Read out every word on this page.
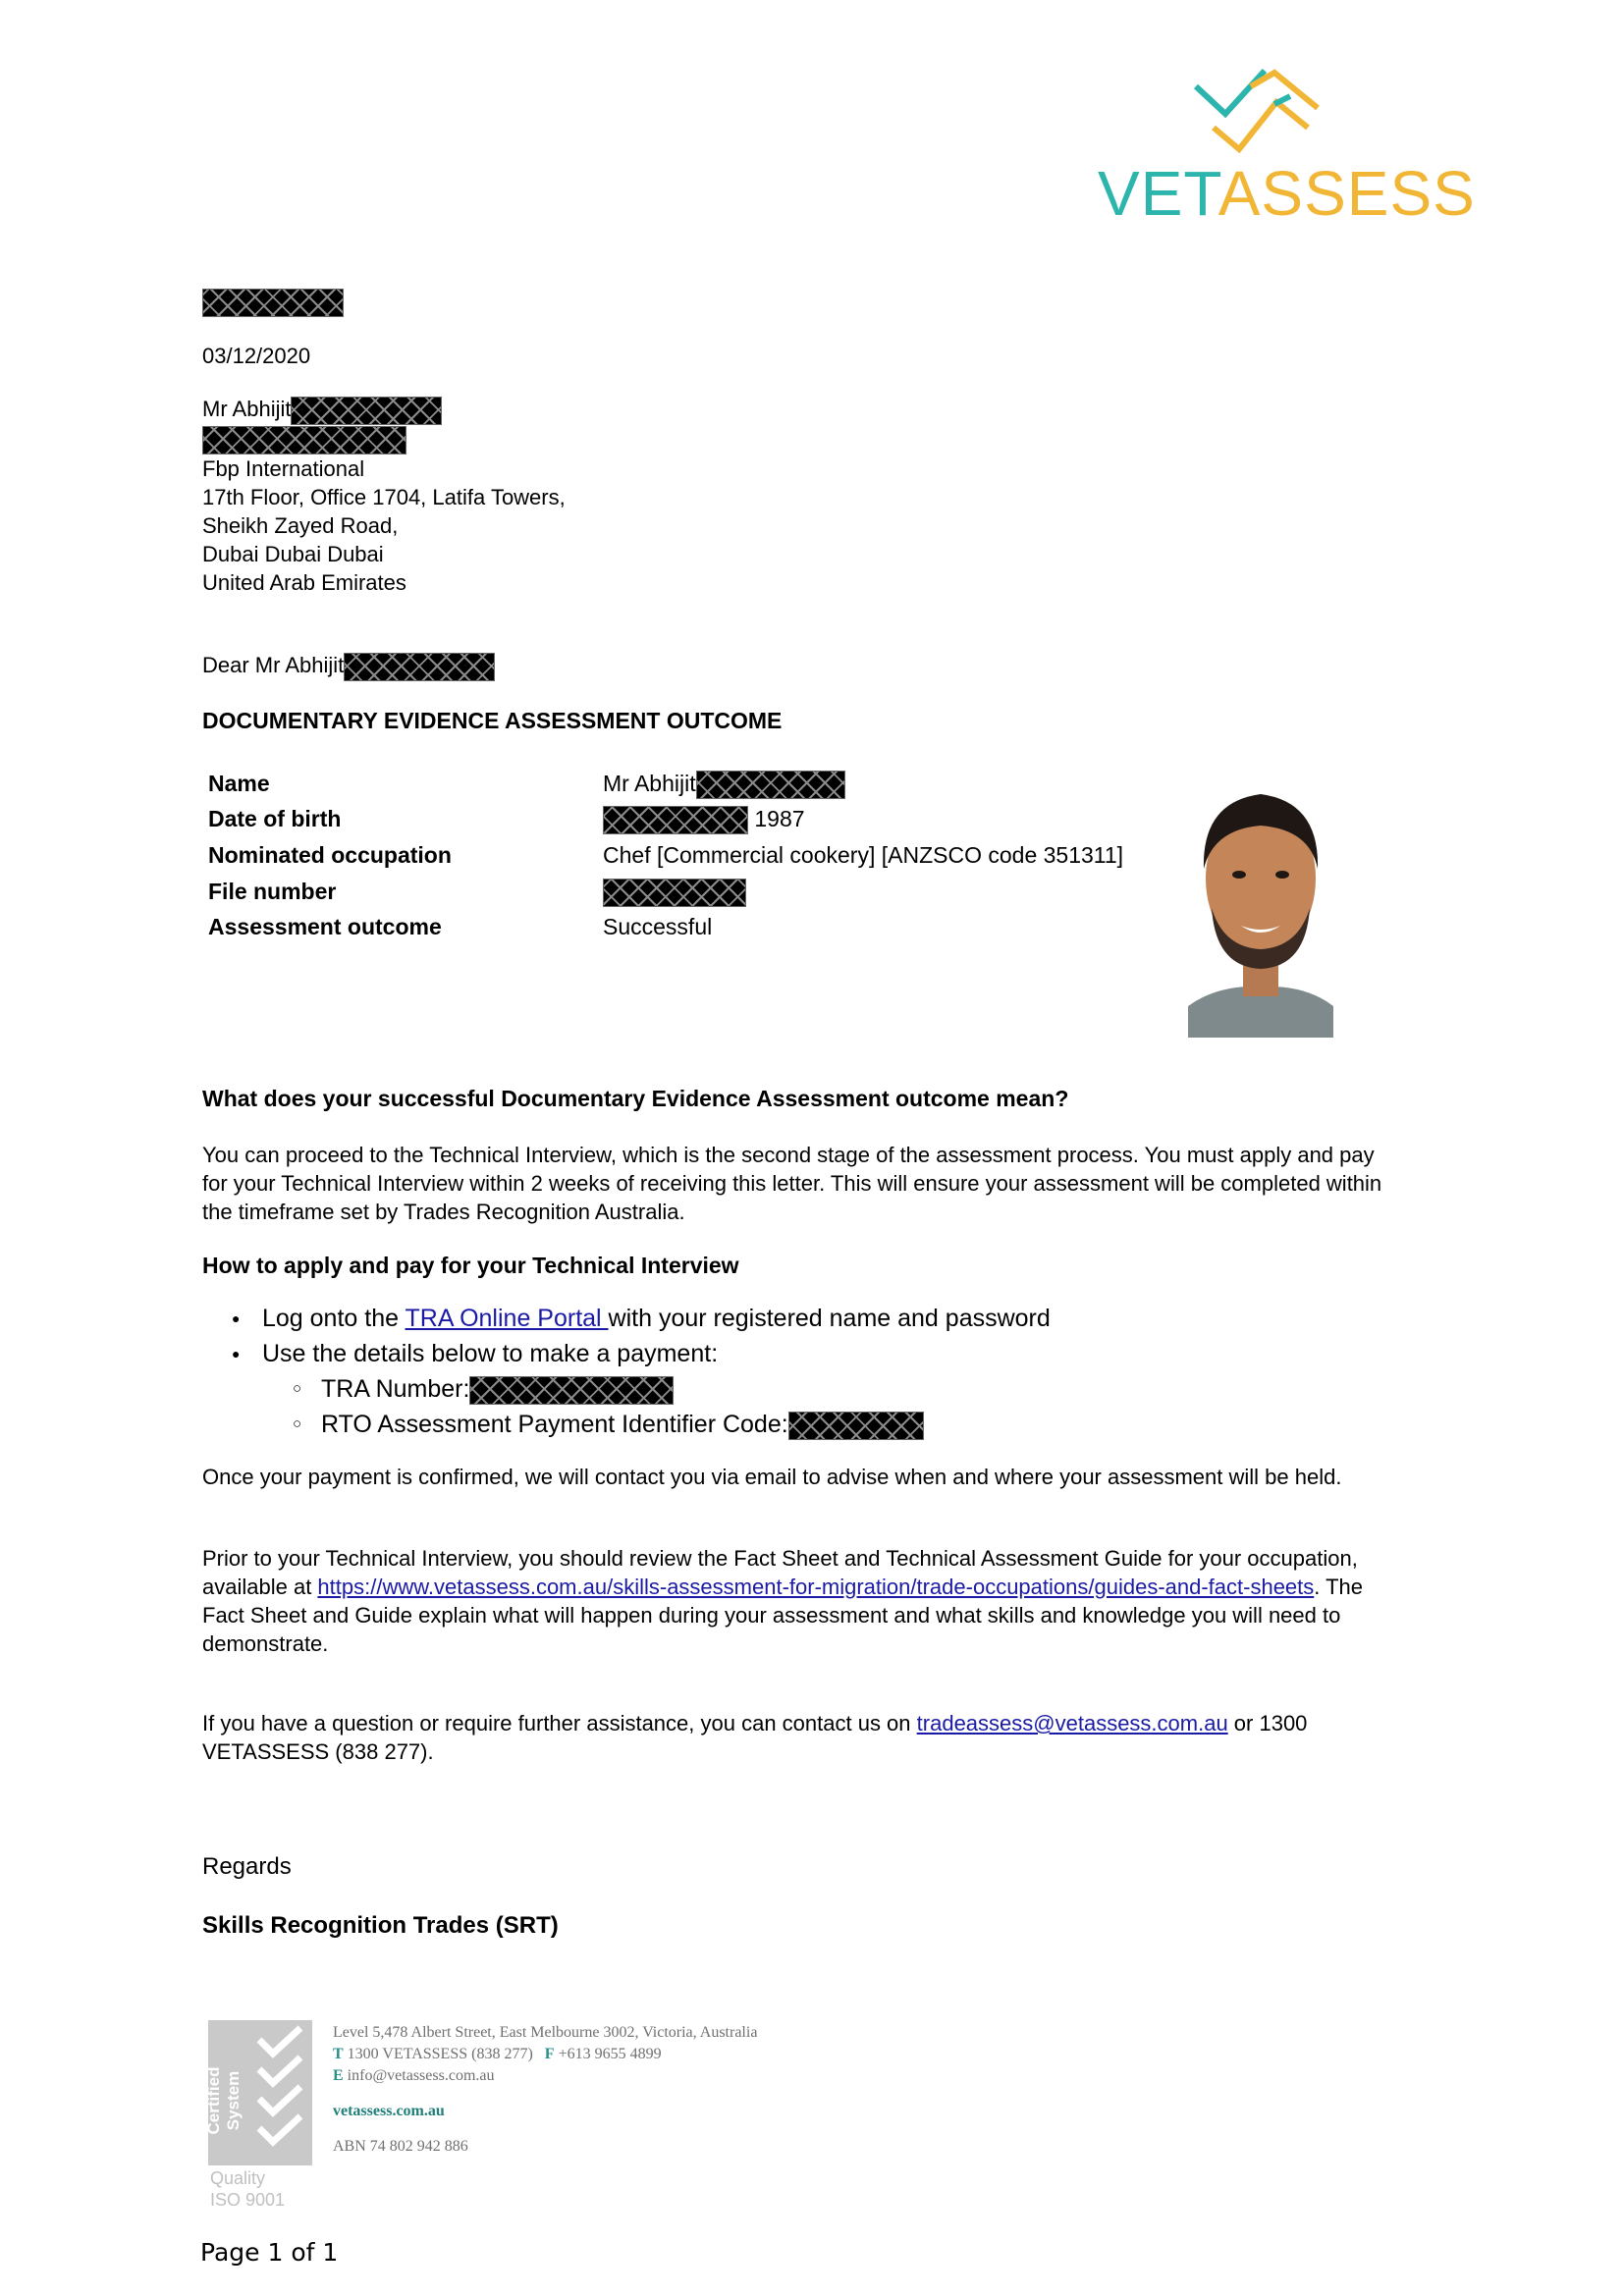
VETASSESS
03/12/2020
Mr Abhijit
Fbp International
17th Floor, Office 1704, Latifa Towers,
Sheikh Zayed Road,
Dubai Dubai Dubai
United Arab Emirates
Dear Mr Abhijit
DOCUMENTARY EVIDENCE ASSESSMENT OUTCOME
Name	Mr Abhijit
Date of birth	1987
Nominated occupation	Chef [Commercial cookery] [ANZSCO code 351311]
File number
Assessment outcome	Successful
What does your successful Documentary Evidence Assessment outcome mean?
You can proceed to the Technical Interview, which is the second stage of the assessment process. You must apply and pay for your Technical Interview within 2 weeks of receiving this letter. This will ensure your assessment will be completed within the timeframe set by Trades Recognition Australia.
How to apply and pay for your Technical Interview
● Log onto the TRA Online Portal with your registered name and password
● Use the details below to make a payment:
○ TRA Number:
○ RTO Assessment Payment Identifier Code:
Once your payment is confirmed, we will contact you via email to advise when and where your assessment will be held.
Prior to your Technical Interview, you should review the Fact Sheet and Technical Assessment Guide for your occupation, available at https://www.vetassess.com.au/skills-assessment-for-migration/trade-occupations/guides-and-fact-sheets. The Fact Sheet and Guide explain what will happen during your assessment and what skills and knowledge you will need to demonstrate.
If you have a question or require further assistance, you can contact us on tradeassess@vetassess.com.au or 1300 VETASSESS (838 277).
Regards
Skills Recognition Trades (SRT)
Certified System
Quality
ISO 9001
Level 5,478 Albert Street, East Melbourne 3002, Victoria, Australia
T 1300 VETASSESS (838 277) F +613 9655 4899
E info@vetassess.com.au
vetassess.com.au
ABN 74 802 942 886
Page 1 of 1
